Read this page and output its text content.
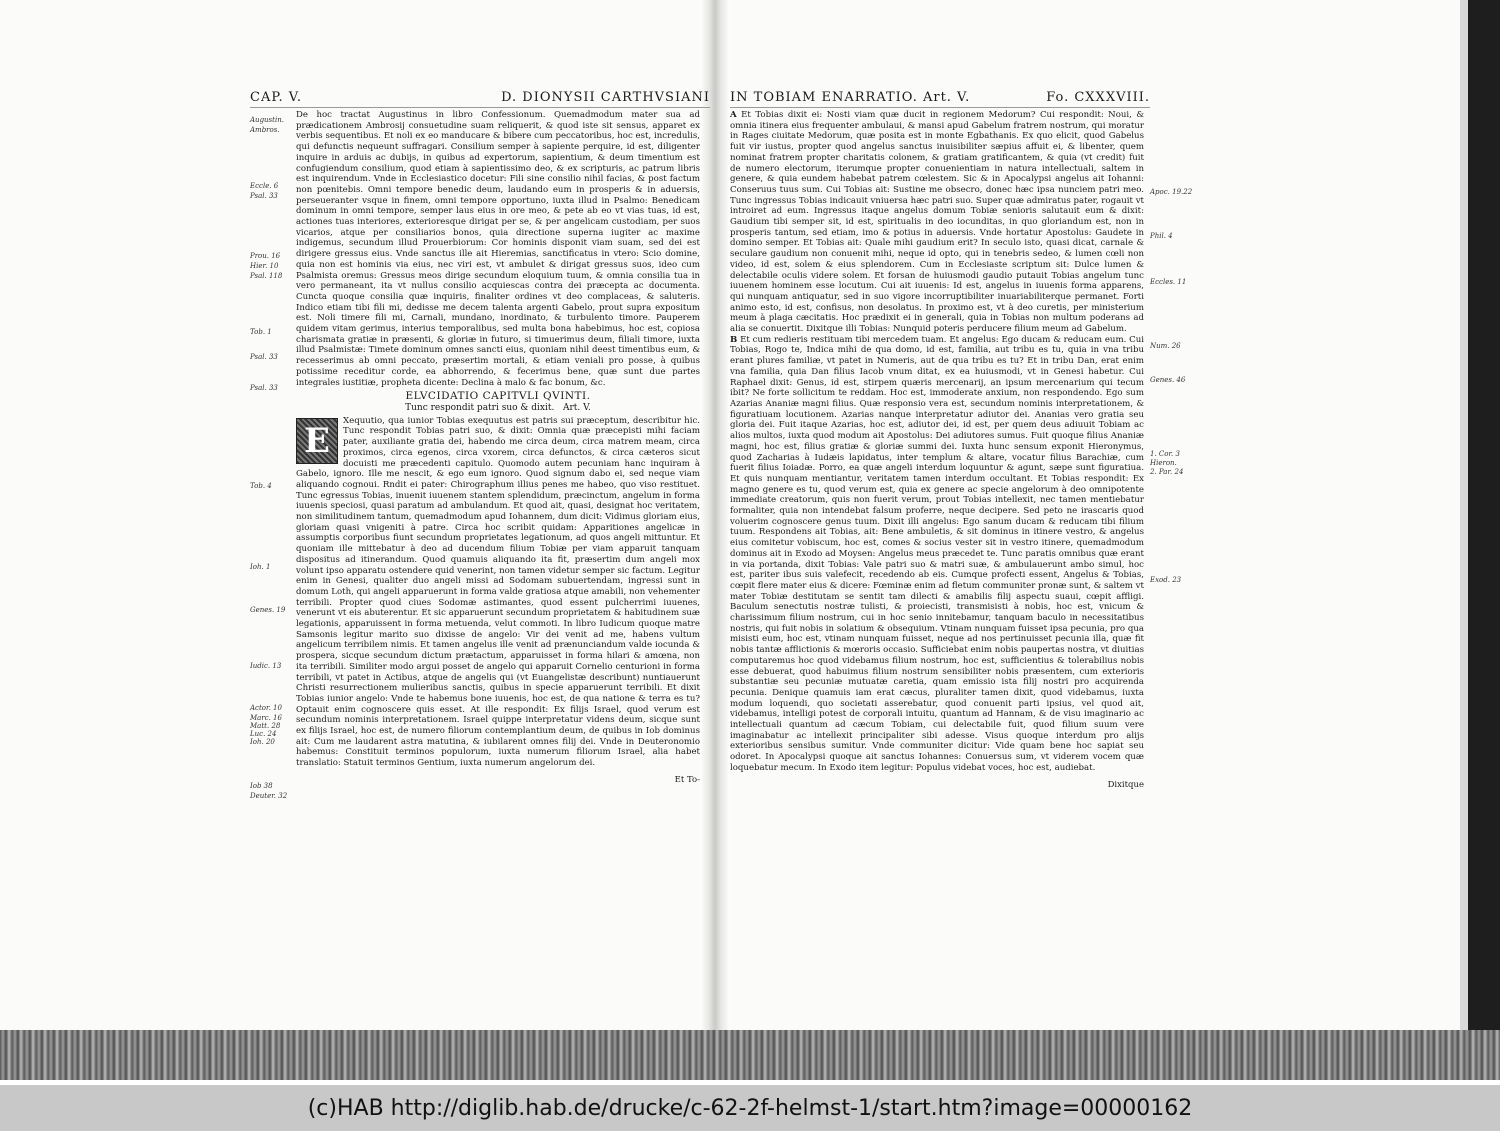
CAP. V.	D. DIONYSII CARTHVSIANI
Augustin.
Ambros.
Eccle. 6
Psal. 33
Prou. 16
Hier. 10
Psal. 118
Tob. 1
Psal. 33
Psal. 33
Tob. 4
Ioh. 1
Genes. 19
Iudic. 13
Actor. 10
Marc. 16
Matt. 28
Luc. 24
Ioh. 20
Iob 38
Deuter. 32

De hoc tractat Augustinus in libro Confessionum. Quemadmodum mater sua ad prædicationem Ambrosij consuetudine suam reliquerit, & quod iste sit sensus, apparet ex verbis sequentibus. Et noli ex eo manducare & bibere cum peccatoribus, hoc est, incredulis, qui defunctis nequeunt suffragari. Consilium semper à sapiente perquire, id est, diligenter inquire in arduis ac dubijs, in quibus ad expertorum, sapientium, & deum timentium est confugiendum consilium, quod etiam à sapientissimo deo, & ex scripturis, ac patrum libris est inquirendum. Vnde in Ecclesiastico docetur: Fili sine consilio nihil facias, & post factum non pœnitebis. Omni tempore benedic deum, laudando eum in prosperis & in aduersis, perseueranter vsque in finem, omni tempore opportuno, iuxta illud in Psalmo: Benedicam dominum in omni tempore, semper laus eius in ore meo, & pete ab eo vt vias tuas, id est, actiones tuas interiores, exterioresque dirigat per se, & per angelicam custodiam, per suos vicarios, atque per consiliarios bonos, quia directione superna iugiter ac maxime indigemus, secundum illud Prouerbiorum: Cor hominis disponit viam suam, sed dei est dirigere gressus eius. Vnde sanctus ille ait Hieremias, sanctificatus in vtero: Scio domine, quia non est hominis via eius, nec viri est, vt ambulet & dirigat gressus suos, ideo cum Psalmista oremus: Gressus meos dirige secundum eloquium tuum, & omnia consilia tua in vero permaneant, ita vt nullus consilio acquiescas contra dei præcepta ac documenta. Cuncta quoque consilia quæ inquiris, finaliter ordines vt deo complaceas, & saluteris. Indico etiam tibi fili mi, dedisse me decem talenta argenti Gabelo, prout supra expositum est. Noli timere fili mi, Carnali, mundano, inordinato, & turbulento timore. Pauperem quidem vitam gerimus, interius temporalibus, sed multa bona habebimus, hoc est, copiosa charismata gratiæ in præsenti, & gloriæ in futuro, si timuerimus deum, filiali timore, iuxta illud Psalmistæ: Timete dominum omnes sancti eius, quoniam nihil deest timentibus eum, & recesserimus ab omni peccato, præsertim mortali, & etiam veniali pro posse, à quibus potissime receditur corde, ea abhorrendo, & fecerimus bene, quæ sunt due partes integrales iustitiæ, propheta dicente: Declina à malo & fac bonum, &c.

ELVCIDATIO CAPITVLI QVINTI.
Tunc respondit patri suo & dixit. Art. V.

E	Xequutio, qua iunior Tobias exequutus est patris sui præceptum, describitur hic. Tunc respondit Tobias patri suo, & dixit: Omnia quæ præcepisti mihi faciam pater, auxiliante gratia dei, habendo me circa deum, circa matrem meam, circa proximos, circa egenos, circa vxorem, circa defunctos, & circa cæteros sicut docuisti me præcedenti capitulo. Quomodo autem pecuniam hanc inquiram à Gabelo, ignoro. Ille me nescit, & ego eum ignoro. Quod signum dabo ei, sed neque viam aliquando cognoui. Rndit ei pater: Chirographum illius penes me habeo, quo viso restituet. Tunc egressus Tobias, inuenit iuuenem stantem splendidum, præcinctum, angelum in forma iuuenis speciosi, quasi paratum ad ambulandum. Et quod ait, quasi, designat hoc veritatem, non similitudinem tantum, quemadmodum apud Iohannem, dum dicit: Vidimus gloriam eius, gloriam quasi vnigeniti à patre. Circa hoc scribit quidam: Apparitiones angelicæ in assumptis corporibus fiunt secundum proprietates legationum, ad quos angeli mittuntur. Et quoniam ille mittebatur à deo ad ducendum filium Tobiæ per viam apparuit tanquam dispositus ad itinerandum. Quod quamuis aliquando ita fit, præsertim dum angeli mox volunt ipso apparatu ostendere quid venerint, non tamen videtur semper sic factum. Legitur enim in Genesi, qualiter duo angeli missi ad Sodomam subuertendam, ingressi sunt in domum Loth, qui angeli apparuerunt in forma valde gratiosa atque amabili, non vehementer terribili. Propter quod ciues Sodomæ astimantes, quod essent pulcherrimi iuuenes, venerunt vt eis abuterentur. Et sic apparuerunt secundum proprietatem & habitudinem suæ legationis, apparuissent in forma metuenda, velut commoti. In libro Iudicum quoque matre Samsonis legitur marito suo dixisse de angelo: Vir dei venit ad me, habens vultum angelicum terribilem nimis. Et tamen angelus ille venit ad prænunciandum valde iocunda & prospera, sicque secundum dictum prætactum, apparuisset in forma hilari & amœna, non ita terribili. Similiter modo argui posset de angelo qui apparuit Cornelio centurioni in forma terribili, vt patet in Actibus, atque de angelis qui (vt Euangelistæ describunt) nuntiauerunt Christi resurrectionem mulieribus sanctis, quibus in specie apparuerunt terribili. Et dixit Tobias iunior angelo: Vnde te habemus bone iuuenis, hoc est, de qua natione & terra es tu? Optauit enim cognoscere quis esset. At ille respondit: Ex filijs Israel, quod verum est secundum nominis interpretationem. Israel quippe interpretatur videns deum, sicque sunt ex filijs Israel, hoc est, de numero filiorum contemplantium deum, de quibus in Iob dominus ait: Cum me laudarent astra matutina, & iubilarent omnes filij dei. Vnde in Deuteronomio habemus: Constituit terminos populorum, iuxta numerum filiorum Israel, alia habet translatio: Statuit terminos Gentium, iuxta numerum angelorum dei.

Et To-
IN TOBIAM ENARRATIO. Art. V.	Fo. CXXXVIII.

A Et Tobias dixit ei: Nosti viam quæ ducit in regionem Medorum? Cui respondit: Noui, & omnia itinera eius frequenter ambulaui, & mansi apud Gabelum fratrem nostrum, qui moratur in Rages ciuitate Medorum, quæ posita est in monte Egbathanis. Ex quo elicit, quod Gabelus fuit vir iustus, propter quod angelus sanctus inuisibiliter sæpius affuit ei, & libenter, quem nominat fratrem propter charitatis colonem, & gratiam gratificantem, & quia (vt credit) fuit de numero electorum, iterumque propter conuenientiam in natura intellectuali, saltem in genere, & quia eundem habebat patrem cœlestem. Sic & in Apocalypsi angelus ait Iohanni: Conseruus tuus sum. Cui Tobias ait: Sustine me obsecro, donec hæc ipsa nunciem patri meo. Tunc ingressus Tobias indicauit vniuersa hæc patri suo. Super quæ admiratus pater, rogauit vt introiret ad eum. Ingressus itaque angelus domum Tobiæ senioris salutauit eum & dixit: Gaudium tibi semper sit, id est, spiritualis in deo iocunditas, in quo gloriandum est, non in prosperis tantum, sed etiam, imo & potius in aduersis. Vnde hortatur Apostolus: Gaudete in domino semper. Et Tobias ait: Quale mihi gaudium erit? In seculo isto, quasi dicat, carnale & seculare gaudium non conuenit mihi, neque id opto, qui in tenebris sedeo, & lumen cœli non video, id est, solem & eius splendorem. Cum in Ecclesiaste scriptum sit: Dulce lumen & delectabile oculis videre solem. Et forsan de huiusmodi gaudio putauit Tobias angelum tunc iuuenem hominem esse locutum. Cui ait iuuenis: Id est, angelus in iuuenis forma apparens, qui nunquam antiquatur, sed in suo vigore incorruptibiliter inuariabiliterque permanet. Forti animo esto, id est, confisus, non desolatus. In proximo est, vt à deo curetis, per ministerium meum à plaga cæcitatis. Hoc prædixit ei in generali, quia in Tobias non multum poderans ad alia se conuertit. Dixitque illi Tobias: Nunquid poteris perducere filium meum ad Gabelum.

B Et cum redieris restituam tibi mercedem tuam. Et angelus: Ego ducam & reducam eum. Cui Tobias, Rogo te, Indica mihi de qua domo, id est, familia, aut tribu es tu, quia in vna tribu erant plures familiæ, vt patet in Numeris, aut de qua tribu es tu? Et in tribu Dan, erat enim vna familia, quia Dan filius Iacob vnum ditat, ex ea huiusmodi, vt in Genesi habetur. Cui Raphael dixit: Genus, id est, stirpem quæris mercenarij, an ipsum mercenarium qui tecum ibit? Ne forte sollicitum te reddam. Hoc est, immoderate anxium, non respondendo. Ego sum Azarias Ananiæ magni filius. Quæ responsio vera est, secundum nominis interpretationem, & figuratiuam locutionem. Azarias nanque interpretatur adiutor dei. Ananias vero gratia seu gloria dei. Fuit itaque Azarias, hoc est, adiutor dei, id est, per quem deus adiuuit Tobiam ac alios multos, iuxta quod modum ait Apostolus: Dei adiutores sumus. Fuit quoque filius Ananiæ magni, hoc est, filius gratiæ & gloriæ summi dei. Iuxta hunc sensum exponit Hieronymus, quod Zacharias à Iudæis lapidatus, inter templum & altare, vocatur filius Barachiæ, cum fuerit filius Ioiadæ. Porro, ea quæ angeli interdum loquuntur & agunt, sæpe sunt figuratiua. Et quis nunquam mentiantur, veritatem tamen interdum occultant. Et Tobias respondit: Ex magno genere es tu, quod verum est, quia ex genere ac specie angelorum à deo omnipotente immediate creatorum, quis non fuerit verum, prout Tobias intellexit, nec tamen mentiebatur formaliter, quia non intendebat falsum proferre, neque decipere. Sed peto ne irascaris quod voluerim cognoscere genus tuum. Dixit illi angelus: Ego sanum ducam & reducam tibi filium tuum. Respondens ait Tobias, ait: Bene ambuletis, & sit dominus in itinere vestro, & angelus eius comitetur vobiscum, hoc est, comes & socius vester sit in vestro itinere, quemadmodum dominus ait in Exodo ad Moysen: Angelus meus præcedet te. Tunc paratis omnibus quæ erant in via portanda, dixit Tobias: Vale patri suo & matri suæ, & ambulauerunt ambo simul, hoc est, pariter ibus suis valefecit, recedendo ab eis. Cumque profecti essent, Angelus & Tobias, cœpit flere mater eius & dicere: Fœminæ enim ad fletum communiter pronæ sunt, & saltem vt mater Tobiæ destitutam se sentit tam dilecti & amabilis filij aspectu suaui, cœpit affligi. Baculum senectutis nostræ tulisti, & proiecisti, transmisisti à nobis, hoc est, vnicum & charissimum filium nostrum, cui in hoc senio innitebamur, tanquam baculo in necessitatibus nostris, qui fuit nobis in solatium & obsequium. Vtinam nunquam fuisset ipsa pecunia, pro qua misisti eum, hoc est, vtinam nunquam fuisset, neque ad nos pertinuisset pecunia illa, quæ fit nobis tantæ afflictionis & mœroris occasio. Sufficiebat enim nobis paupertas nostra, vt diuitias computaremus hoc quod videbamus filium nostrum, hoc est, sufficientius & tolerabilius nobis esse debuerat, quod habuimus filium nostrum sensibiliter nobis præsentem, cum exterioris substantiæ seu pecuniæ mutuatæ caretia, quam emissio ista filij nostri pro acquirenda pecunia. Denique quamuis iam erat cæcus, pluraliter tamen dixit, quod videbamus, iuxta modum loquendi, quo societati asserebatur, quod conuenit parti ipsius, vel quod ait, videbamus, intelligi potest de corporali intuitu, quantum ad Hannam, & de visu imaginario ac intellectuali quantum ad cæcum Tobiam, cui delectabile fuit, quod filium suum vere imaginabatur ac intellexit principaliter sibi adesse. Visus quoque interdum pro alijs exterioribus sensibus sumitur. Vnde communiter dicitur: Vide quam bene hoc sapiat seu odoret. In Apocalypsi quoque ait sanctus Iohannes: Conuersus sum, vt viderem vocem quæ loquebatur mecum. In Exodo item legitur: Populus videbat voces, hoc est, audiebat.

Dixitque
Apoc. 19.22
Phil. 4
Eccles. 11
Num. 26
Genes. 46
1. Cor. 3
Hieron.
2. Par. 24
Exod. 23
(c)HAB http://diglib.hab.de/drucke/c-62-2f-helmst-1/start.htm?image=00000162
